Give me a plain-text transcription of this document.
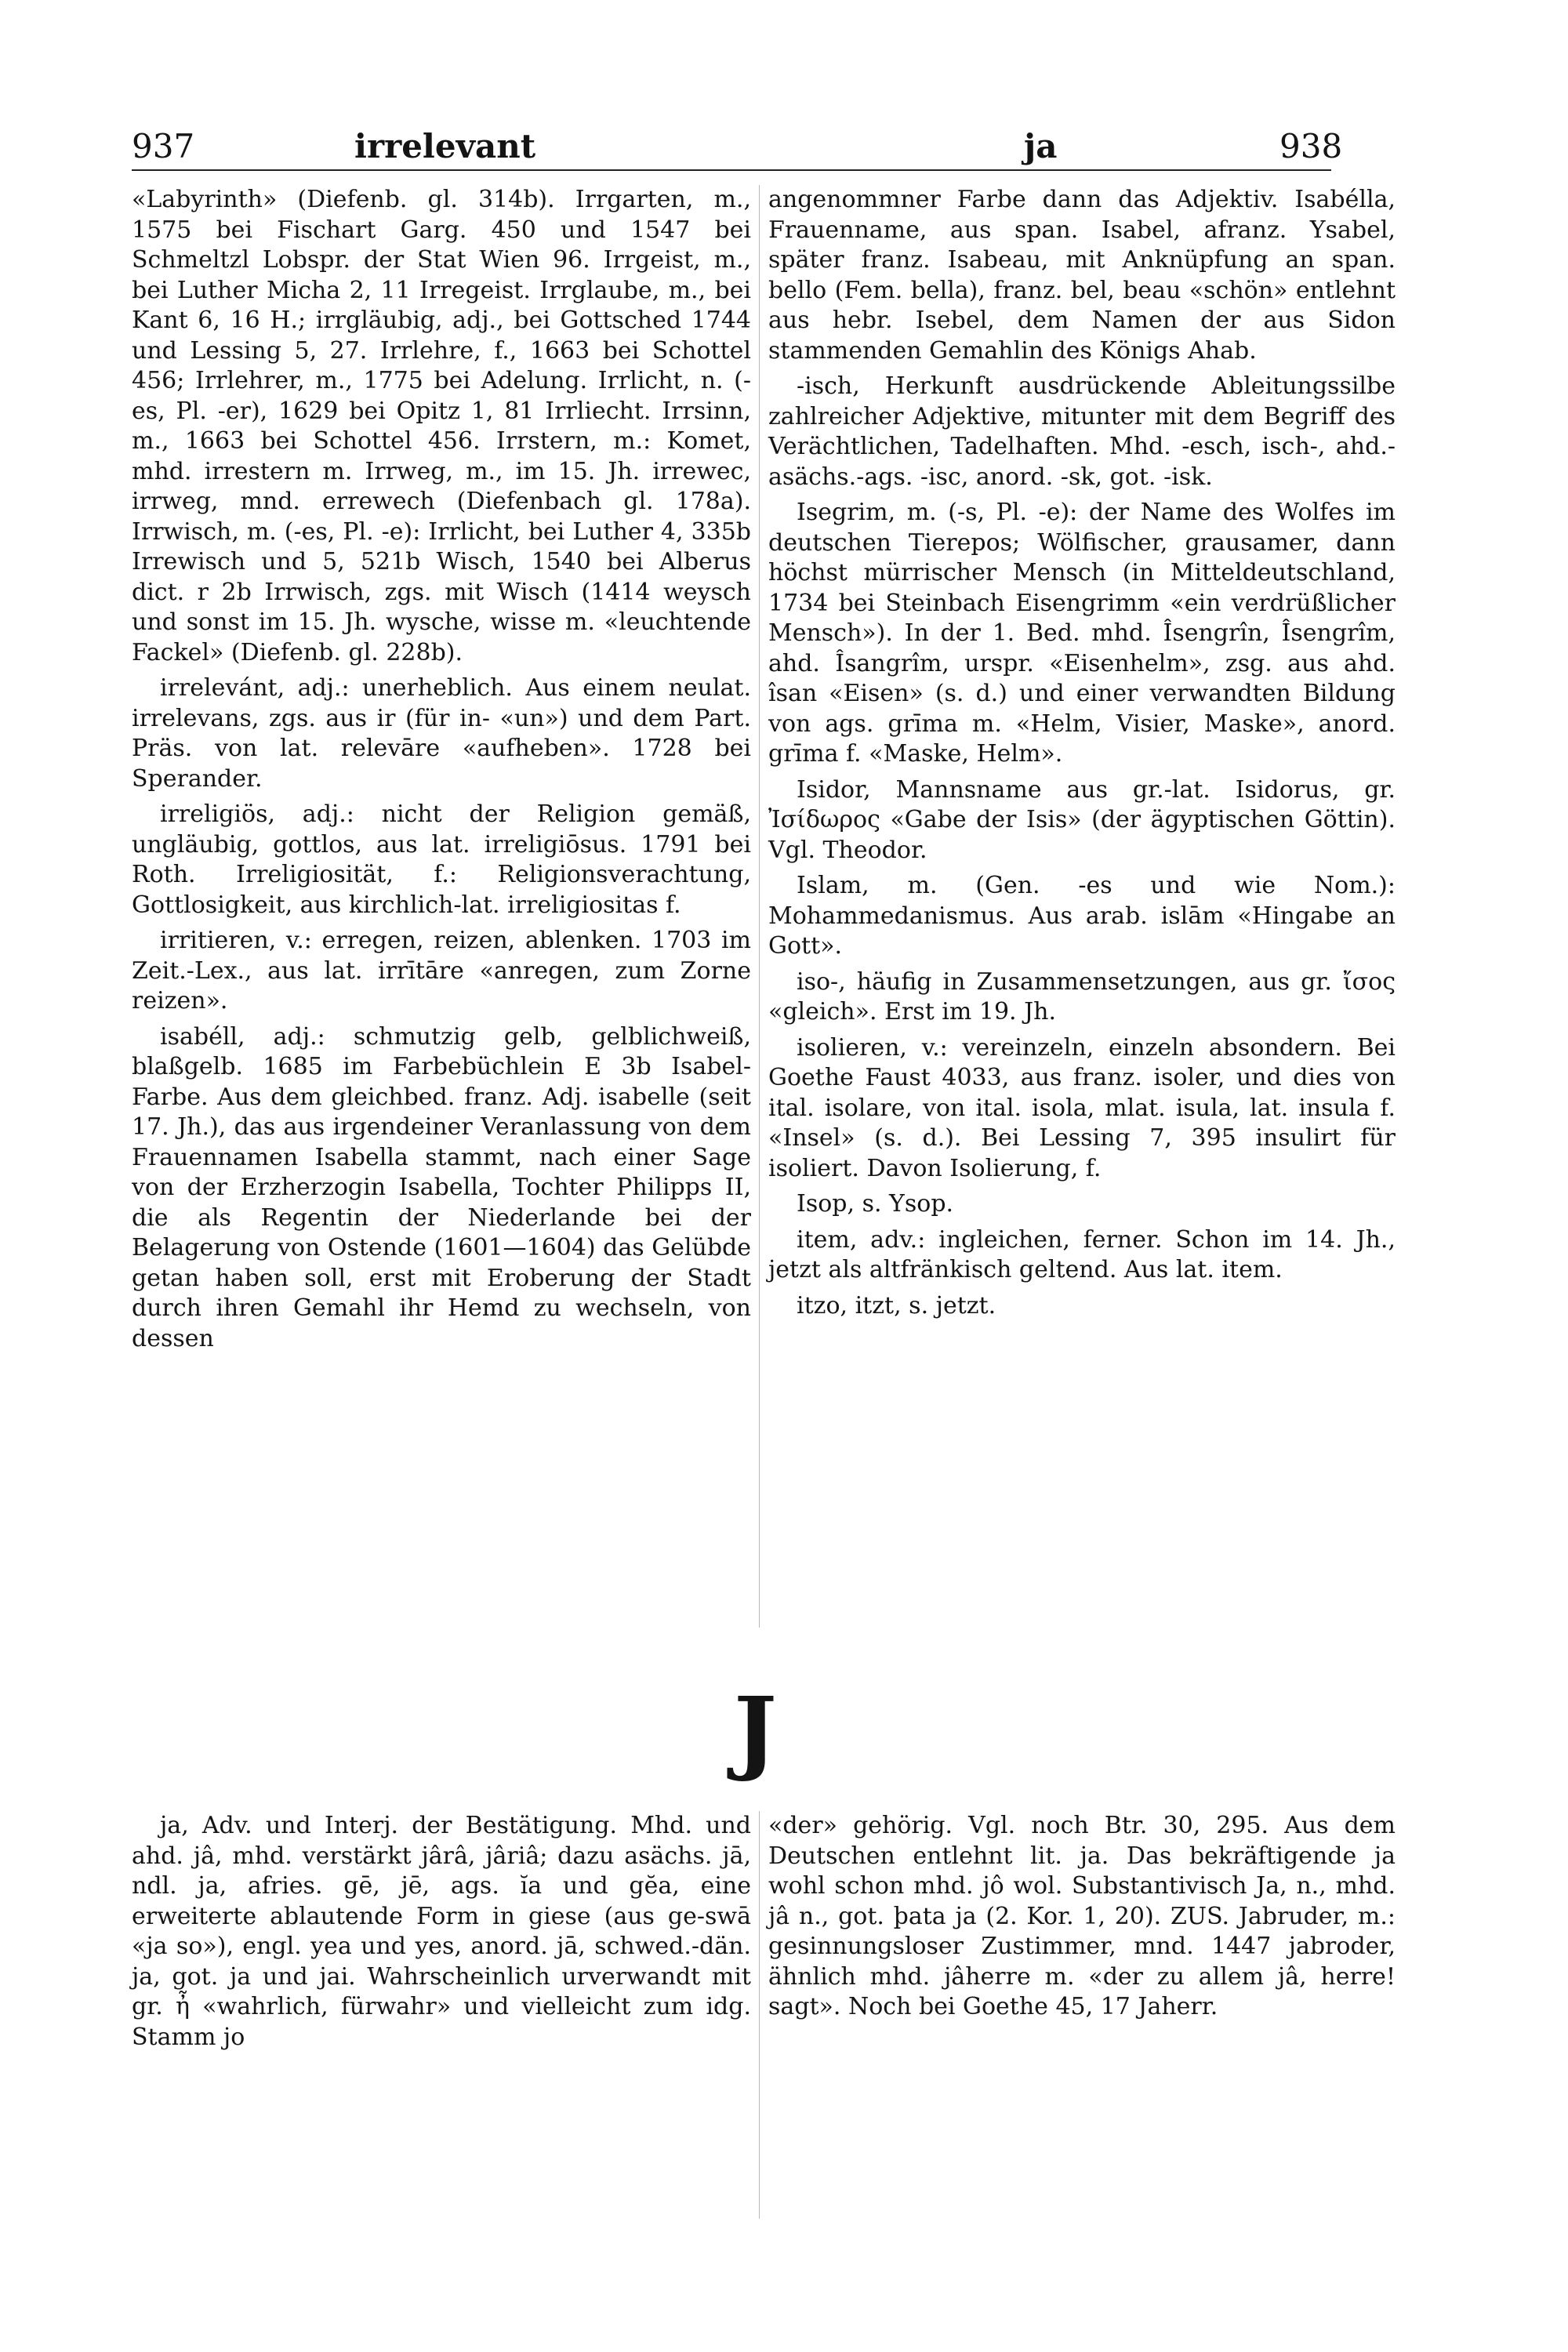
937	irrelevant	ja	938

«Labyrinth» (Diefenb. gl. 314b). Irrgarten, m., 1575 bei Fischart Garg. 450 und 1547 bei Schmeltzl Lobspr. der Stat Wien 96. Irrgeist, m., bei Luther Micha 2, 11 Irregeist. Irrglaube, m., bei Kant 6, 16 H.; irrgläubig, adj., bei Gottsched 1744 und Lessing 5, 27. Irrlehre, f., 1663 bei Schottel 456; Irrlehrer, m., 1775 bei Adelung. Irrlicht, n. (-es, Pl. -er), 1629 bei Opitz 1, 81 Irrliecht. Irrsinn, m., 1663 bei Schottel 456. Irrstern, m.: Komet, mhd. irrestern m. Irrweg, m., im 15. Jh. irrewec, irrweg, mnd. errewech (Diefenbach gl. 178a). Irrwisch, m. (-es, Pl. -e): Irrlicht, bei Luther 4, 335b Irrewisch und 5, 521b Wisch, 1540 bei Alberus dict. r 2b Irrwisch, zgs. mit Wisch (1414 weysch und sonst im 15. Jh. wysche, wisse m. «leuchtende Fackel» (Diefenb. gl. 228b).

irrelevánt, adj.: unerheblich. Aus einem neulat. irrelevans, zgs. aus ir (für in- «un») und dem Part. Präs. von lat. relevāre «aufheben». 1728 bei Sperander.

irreligiös, adj.: nicht der Religion gemäß, ungläubig, gottlos, aus lat. irreligiōsus. 1791 bei Roth. Irreligiosität, f.: Religionsverachtung, Gottlosigkeit, aus kirchlich-lat. irreligiositas f.

irritieren, v.: erregen, reizen, ablenken. 1703 im Zeit.-Lex., aus lat. irrītāre «anregen, zum Zorne reizen».

isabéll, adj.: schmutzig gelb, gelblichweiß, blaßgelb. 1685 im Farbebüchlein E 3b Isabel-Farbe. Aus dem gleichbed. franz. Adj. isabelle (seit 17. Jh.), das aus irgendeiner Veranlassung von dem Frauennamen Isabella stammt, nach einer Sage von der Erzherzogin Isabella, Tochter Philipps II, die als Regentin der Niederlande bei der Belagerung von Ostende (1601—1604) das Gelübde getan haben soll, erst mit Eroberung der Stadt durch ihren Gemahl ihr Hemd zu wechseln, von dessen

angenommner Farbe dann das Adjektiv. Isabélla, Frauenname, aus span. Isabel, afranz. Ysabel, später franz. Isabeau, mit Anknüpfung an span. bello (Fem. bella), franz. bel, beau «schön» entlehnt aus hebr. Isebel, dem Namen der aus Sidon stammenden Gemahlin des Königs Ahab.

-isch, Herkunft ausdrückende Ableitungssilbe zahlreicher Adjektive, mitunter mit dem Begriff des Verächtlichen, Tadelhaften. Mhd. -esch, isch-, ahd.-asächs.-ags. -isc, anord. -sk, got. -isk.

Isegrim, m. (-s, Pl. -e): der Name des Wolfes im deutschen Tierepos; Wölfischer, grausamer, dann höchst mürrischer Mensch (in Mitteldeutschland, 1734 bei Steinbach Eisengrimm «ein verdrüßlicher Mensch»). In der 1. Bed. mhd. Îsengrîn, Îsengrîm, ahd. Îsangrîm, urspr. «Eisenhelm», zsg. aus ahd. îsan «Eisen» (s. d.) und einer verwandten Bildung von ags. grīma m. «Helm, Visier, Maske», anord. grīma f. «Maske, Helm».

Isidor, Mannsname aus gr.-lat. Isidorus, gr. Ἰσίδωρος «Gabe der Isis» (der ägyptischen Göttin). Vgl. Theodor.

Islam, m. (Gen. -es und wie Nom.): Mohammedanismus. Aus arab. islām «Hingabe an Gott».

iso-, häufig in Zusammensetzungen, aus gr. ἴσος «gleich». Erst im 19. Jh.

isolieren, v.: vereinzeln, einzeln absondern. Bei Goethe Faust 4033, aus franz. isoler, und dies von ital. isolare, von ital. isola, mlat. isula, lat. insula f. «Insel» (s. d.). Bei Lessing 7, 395 insulirt für isoliert. Davon Isolierung, f.

Isop, s. Ysop.

item, adv.: ingleichen, ferner. Schon im 14. Jh., jetzt als altfränkisch geltend. Aus lat. item.

itzo, itzt, s. jetzt.

J

ja, Adv. und Interj. der Bestätigung. Mhd. und ahd. jâ, mhd. verstärkt jârâ, jâriâ; dazu asächs. jā, ndl. ja, afries. gē, jē, ags. ĭa und gĕa, eine erweiterte ablautende Form in giese (aus ge-swā «ja so»), engl. yea und yes, anord. jā, schwed.-dän. ja, got. ja und jai. Wahrscheinlich urverwandt mit gr. ἦ «wahrlich, fürwahr» und vielleicht zum idg. Stamm jo

«der» gehörig. Vgl. noch Btr. 30, 295. Aus dem Deutschen entlehnt lit. ja. Das bekräftigende ja wohl schon mhd. jô wol. Substantivisch Ja, n., mhd. jâ n., got. þata ja (2. Kor. 1, 20). ZUS. Jabruder, m.: gesinnungsloser Zustimmer, mnd. 1447 jabroder, ähnlich mhd. jâherre m. «der zu allem jâ, herre! sagt». Noch bei Goethe 45, 17 Jaherr.
